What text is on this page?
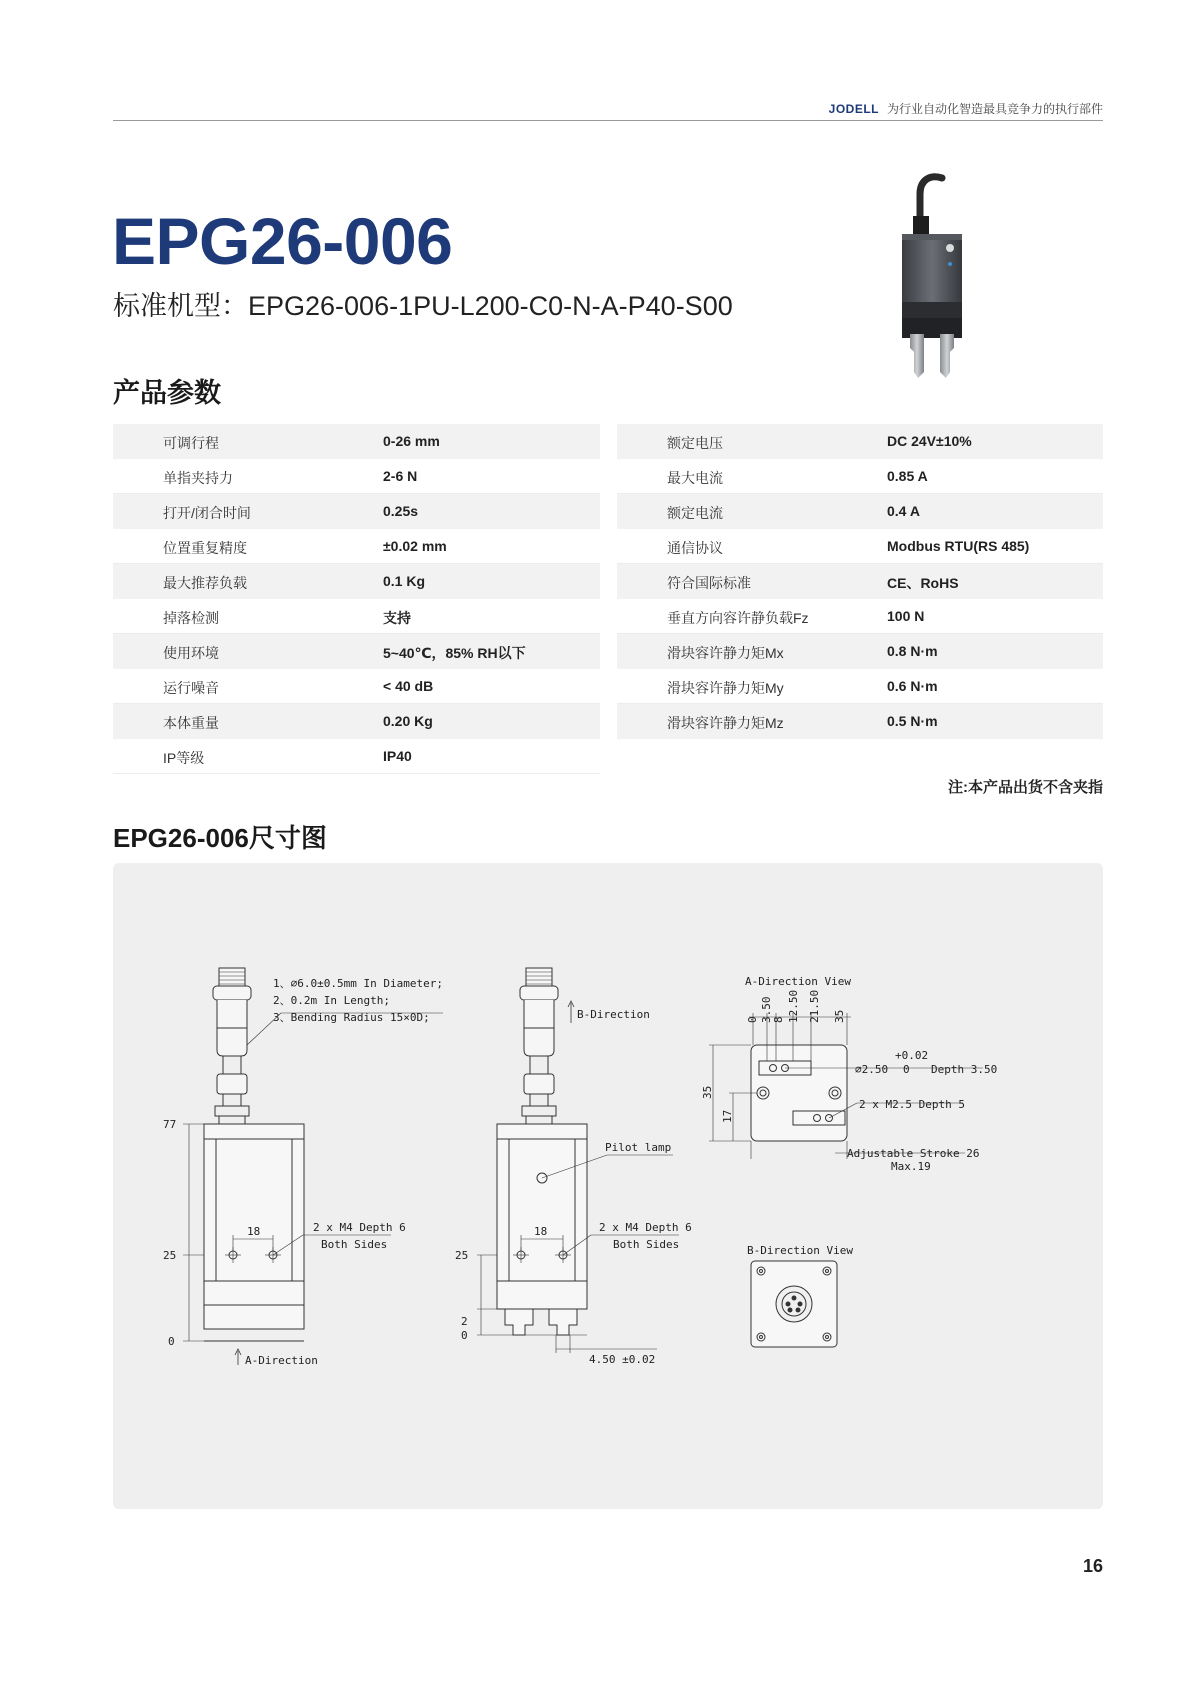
JODELL 为行业自动化智造最具竞争力的执行部件
EPG26-006
标准机型：EPG26-006-1PU-L200-C0-N-A-P40-S00
产品参数
可调行程	0-26 mm
单指夹持力	2-6 N
打开/闭合时间	0.25s
位置重复精度	±0.02 mm
最大推荐负载	0.1 Kg
掉落检测	支持
使用环境	5~40℃，85% RH以下
运行噪音	< 40 dB
本体重量	0.20 Kg
IP等级	IP40
额定电压	DC 24V±10%
最大电流	0.85 A
额定电流	0.4 A
通信协议	Modbus RTU(RS 485)
符合国际标准	CE、RoHS
垂直方向容许静负载Fz	100 N
滑块容许静力矩Mx	0.8 N·m
滑块容许静力矩My	0.6 N·m
滑块容许静力矩Mz	0.5 N·m
注:本产品出货不含夹指
EPG26-006尺寸图
1、∅6.0±0.5mm In Diameter;
2、0.2m In Length;
3、Bending Radius 15×0D;
77
25
0
18	2 x M4 Depth 6
Both Sides
A-Direction
B-Direction
Pilot lamp
18	2 x M4 Depth 6
Both Sides
25
2
0
4.50 ±0.02
A-Direction View
0 3.50 8 12.50 21.50 35
+0.02
0
∅2.50	Depth 3.50
2 x M2.5 Depth 5
35
17
Adjustable Stroke 26
Max.19
B-Direction View
16
